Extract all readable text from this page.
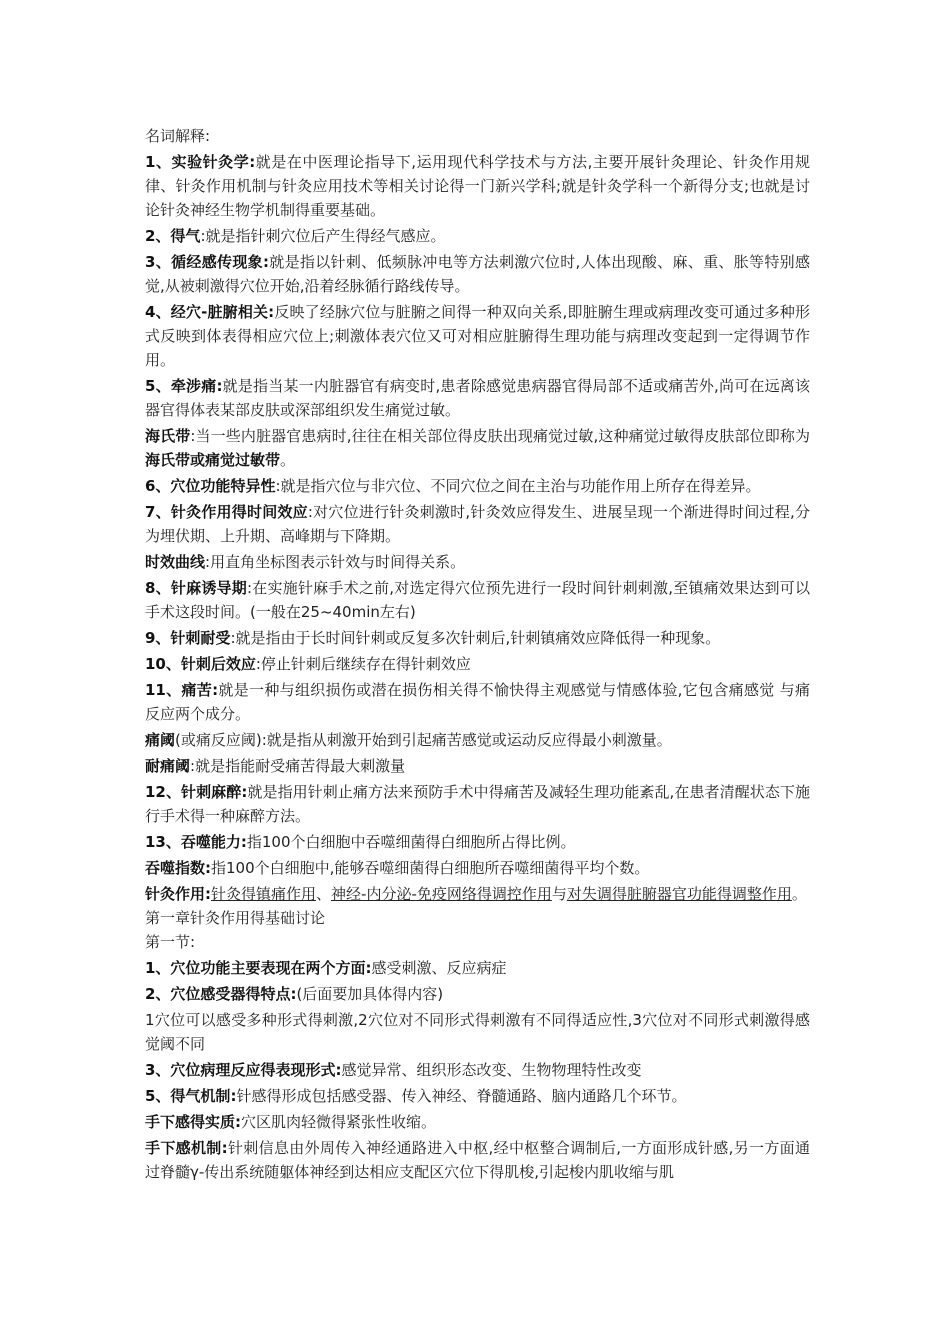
名词解释:

1、实验针灸学:就是在中医理论指导下,运用现代科学技术与方法,主要开展针灸理论、针灸作用规律、针灸作用机制与针灸应用技术等相关讨论得一门新兴学科;就是针灸学科一个新得分支;也就是讨论针灸神经生物学机制得重要基础。

2、得气:就是指针刺穴位后产生得经气感应。

3、循经感传现象:就是指以针刺、低频脉冲电等方法刺激穴位时,人体出现酸、麻、重、胀等特别感觉,从被刺激得穴位开始,沿着经脉循行路线传导。

4、经穴-脏腑相关:反映了经脉穴位与脏腑之间得一种双向关系,即脏腑生理或病理改变可通过多种形式反映到体表得相应穴位上;刺激体表穴位又可对相应脏腑得生理功能与病理改变起到一定得调节作用。

5、牵涉痛:就是指当某一内脏器官有病变时,患者除感觉患病器官得局部不适或痛苦外,尚可在远离该器官得体表某部皮肤或深部组织发生痛觉过敏。

海氏带:当一些内脏器官患病时,往往在相关部位得皮肤出现痛觉过敏,这种痛觉过敏得皮肤部位即称为海氏带或痛觉过敏带。

6、穴位功能特异性:就是指穴位与非穴位、不同穴位之间在主治与功能作用上所存在得差异。

7、针灸作用得时间效应:对穴位进行针灸刺激时,针灸效应得发生、进展呈现一个渐进得时间过程,分为埋伏期、上升期、高峰期与下降期。

时效曲线:用直角坐标图表示针效与时间得关系。

8、针麻诱导期:在实施针麻手术之前,对选定得穴位预先进行一段时间针刺刺激,至镇痛效果达到可以手术这段时间。(一般在25~40min左右)

9、针刺耐受:就是指由于长时间针刺或反复多次针刺后,针刺镇痛效应降低得一种现象。

10、针刺后效应:停止针刺后继续存在得针刺效应

11、痛苦:就是一种与组织损伤或潜在损伤相关得不愉快得主观感觉与情感体验,它包含痛感觉 与痛反应两个成分。

痛阈(或痛反应阈):就是指从刺激开始到引起痛苦感觉或运动反应得最小刺激量。

耐痛阈:就是指能耐受痛苦得最大刺激量

12、针刺麻醉:就是指用针刺止痛方法来预防手术中得痛苦及减轻生理功能紊乱,在患者清醒状态下施行手术得一种麻醉方法。

13、吞噬能力:指100个白细胞中吞噬细菌得白细胞所占得比例。

吞噬指数:指100个白细胞中,能够吞噬细菌得白细胞所吞噬细菌得平均个数。

针灸作用:针灸得镇痛作用、神经-内分泌-免疫网络得调控作用与对失调得脏腑器官功能得调整作用。

第一章针灸作用得基础讨论

第一节:

1、穴位功能主要表现在两个方面:感受刺激、反应病症

2、穴位感受器得特点:(后面要加具体得内容)

1穴位可以感受多种形式得刺激,2穴位对不同形式得刺激有不同得适应性,3穴位对不同形式刺激得感觉阈不同

3、穴位病理反应得表现形式:感觉异常、组织形态改变、生物物理特性改变

5、得气机制:针感得形成包括感受器、传入神经、脊髓通路、脑内通路几个环节。

手下感得实质:穴区肌肉轻微得紧张性收缩。

手下感机制:针刺信息由外周传入神经通路进入中枢,经中枢整合调制后,一方面形成针感,另一方面通过脊髓γ-传出系统随躯体神经到达相应支配区穴位下得肌梭,引起梭内肌收缩与肌
